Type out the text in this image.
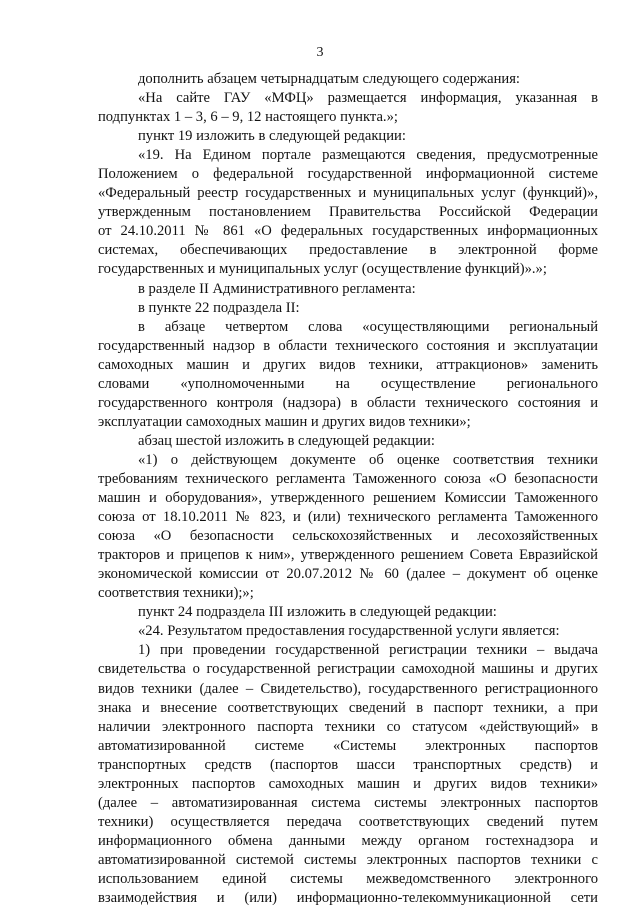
3
дополнить абзацем четырнадцатым следующего содержания:
«На сайте ГАУ «МФЦ» размещается информация, указанная в
подпунктах 1 – 3, 6 – 9, 12 настоящего пункта.»;
пункт 19 изложить в следующей редакции:
«19. На Едином портале размещаются сведения, предусмотренные
Положением о федеральной государственной информационной системе
«Федеральный реестр государственных и муниципальных услуг (функций)»,
утвержденным постановлением Правительства Российской Федерации
от 24.10.2011 № 861 «О федеральных государственных информационных
системах, обеспечивающих предоставление в электронной форме
государственных и муниципальных услуг (осуществление функций)».»;
в разделе II Административного регламента:
в пункте 22 подраздела II:
в абзаце четвертом слова «осуществляющими региональный
государственный надзор в области технического состояния и эксплуатации
самоходных машин и других видов техники, аттракционов» заменить
словами «уполномоченными на осуществление регионального
государственного контроля (надзора) в области технического состояния и
эксплуатации самоходных машин и других видов техники»;
абзац шестой изложить в следующей редакции:
«1) о действующем документе об оценке соответствия техники
требованиям технического регламента Таможенного союза «О безопасности
машин и оборудования», утвержденного решением Комиссии Таможенного
союза от 18.10.2011 № 823, и (или) технического регламента Таможенного
союза «О безопасности сельскохозяйственных и лесохозяйственных
тракторов и прицепов к ним», утвержденного решением Совета Евразийской
экономической комиссии от 20.07.2012 № 60 (далее – документ об оценке
соответствия техники);»;
пункт 24 подраздела III изложить в следующей редакции:
«24. Результатом предоставления государственной услуги является:
1) при проведении государственной регистрации техники – выдача
свидетельства о государственной регистрации самоходной машины и других
видов техники (далее – Свидетельство), государственного регистрационного
знака и внесение соответствующих сведений в паспорт техники, а при
наличии электронного паспорта техники со статусом «действующий» в
автоматизированной системе «Системы электронных паспортов
транспортных средств (паспортов шасси транспортных средств) и
электронных паспортов самоходных машин и других видов техники»
(далее – автоматизированная система системы электронных паспортов
техники) осуществляется передача соответствующих сведений путем
информационного обмена данными между органом гостехнадзора и
автоматизированной системой системы электронных паспортов техники с
использованием единой системы межведомственного электронного
взаимодействия и (или) информационно-телекоммуникационной сети
